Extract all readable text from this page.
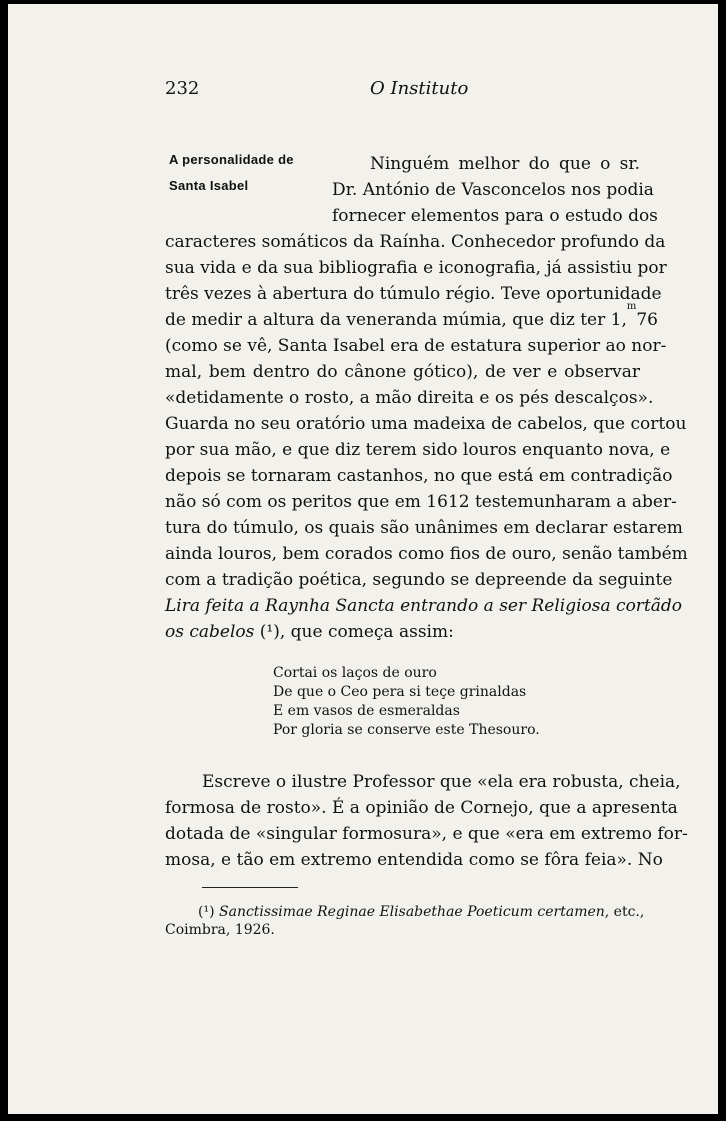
232	O Instituto
A personalidade de
Santa Isabel
Ninguém melhor do que o sr.
Dr. António de Vasconcelos nos podia
fornecer elementos para o estudo dos
caracteres somáticos da Raínha. Conhecedor profundo da
sua vida e da sua bibliografia e iconografia, já assistiu por
três vezes à abertura do túmulo régio. Teve oportunidade
de medir a altura da veneranda múmia, que diz ter 1,
m
76
(como se vê, Santa Isabel era de estatura superior ao nor-
mal, bem dentro do cânone gótico), de ver e observar
«detidamente o rosto, a mão direita e os pés descalços».
Guarda no seu oratório uma madeixa de cabelos, que cortou
por sua mão, e que diz terem sido louros enquanto nova, e
depois se tornaram castanhos, no que está em contradição
não só com os peritos que em 1612 testemunharam a aber-
tura do túmulo, os quais são unânimes em declarar estarem
ainda louros, bem corados como fios de ouro, senão também
com a tradição poética, segundo se depreende da seguinte
Lira feita a Raynha Sancta entrando a ser Religiosa cortãdo
os cabelos (¹), que começa assim:
Cortai os laços de ouro
De que o Ceo pera si teçe grinaldas
E em vasos de esmeraldas
Por gloria se conserve este Thesouro.
Escreve o ilustre Professor que «ela era robusta, cheia,
formosa de rosto». É a opinião de Cornejo, que a apresenta
dotada de «singular formosura», e que «era em extremo for-
mosa, e tão em extremo entendida como se fôra feia». No
(¹) Sanctissimae Reginae Elisabethae Poeticum certamen, etc.,
Coimbra, 1926.
